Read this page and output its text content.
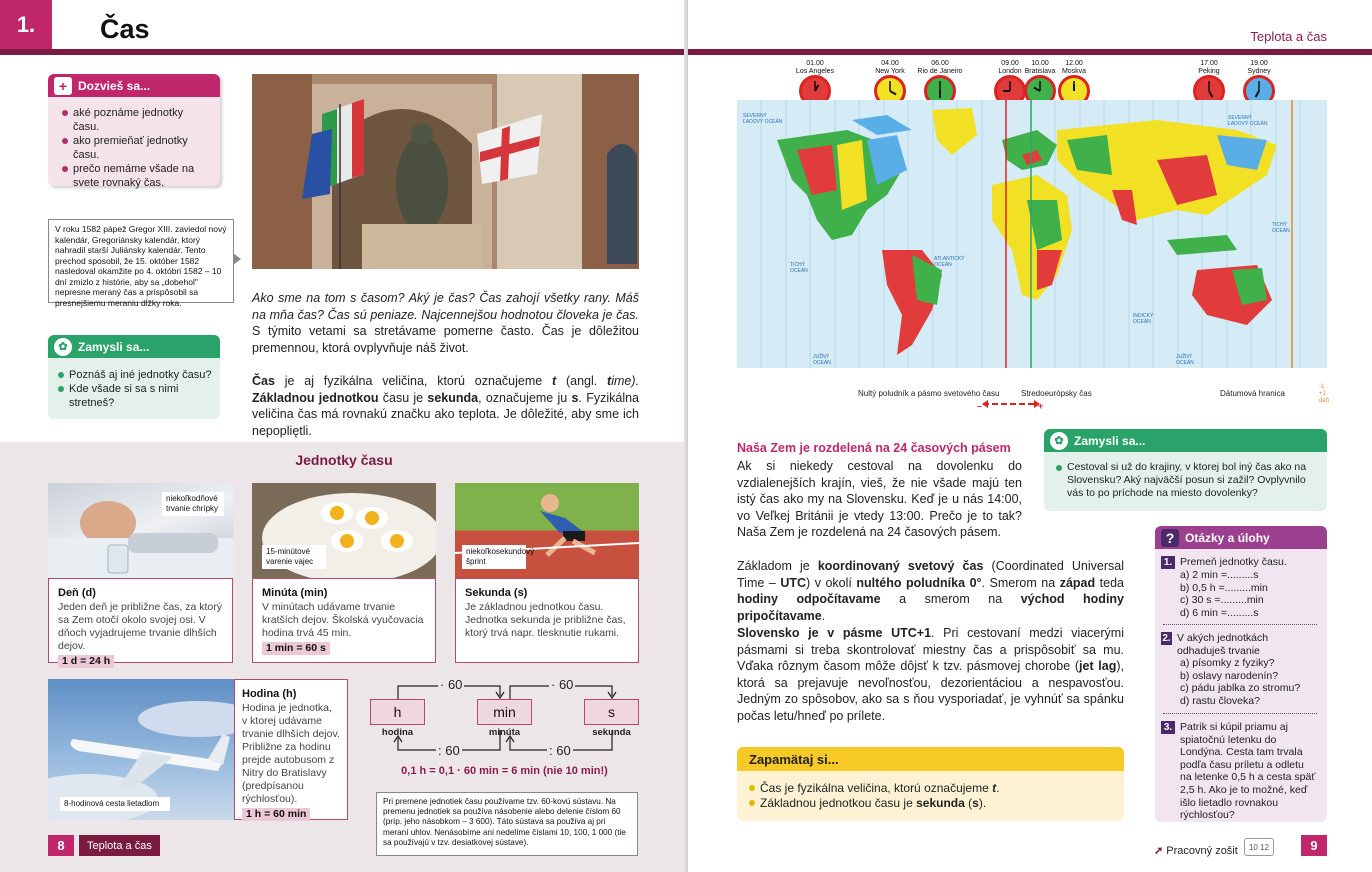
1.	Čas
+ Dozvieš sa...
aké poznáme jednotky času.
ako premieňať jednotky času.
prečo nemáme všade na svete rovnaký čas.
V roku 1582 pápež Gregor XIII. zaviedol nový kalendár, Gregoriánsky kalendár, ktorý nahradil starší Juliánsky kalendár. Tento prechod sposobil, že 15. október 1582 nasledoval okamžite po 4. októbri 1582 – 10 dní zmizlo z histórie, aby sa „dobehol" nepresne meraný čas a prispôsobil sa presnejšiemu meraniu dĺžky roka.	Ako sme na tom s časom? Aký je čas? Čas zahojí všetky rany. Máš na mňa čas? Čas sú peniaze. Najcennejšou hodnotou človeka je čas. S týmito vetami sa stretávame pomerne často. Čas je dôležitou premennou, ktorá ovplyvňuje náš život.
Čas je aj fyzikálna veličina, ktorú označujeme t (angl. time). Základnou jednotkou času je sekunda, označujeme ju s. Fyzikálna veličina čas má rovnakú značku ako teplota. Je dôležité, aby sme ich nepopliętli.
✿ Zamysli sa...
Poznáš aj iné jednotky času?
Kde všade si sa s nimi stretneš?
Jednotky času
niekoľkodňové trvanie chrípky
Deň (d)
Jeden deň je približne čas, za ktorý sa Zem otočí okolo svojej osi. V dňoch vyjadrujeme trvanie dlhších dejov.
1 d = 24 h
15-minútové varenie vajec
Minúta (min)
V minútach udávame trvanie kratších dejov. Školská vyučovacia hodina trvá 45 min.
1 min = 60 s
niekoľkosekundový šprint
Sekunda (s)
Je základnou jednotkou času. Jednotka sekunda je približne čas, ktorý trvá napr. tlesknutie rukami.
8-hodinová cesta lietadlom
Hodina (h)
Hodina je jednotka, v ktorej udávame trvanie dlhších dejov. Približne za hodinu prejde autobusom z Nitry do Bratislavy (predpísanou rýchlosťou).
1 h = 60 min
· 60	· 60
: 60	: 60
h	min	s
hodina	minúta	sekunda
0,1 h = 0,1 · 60 min = 6 min (nie 10 min!)
Pri premene jednotiek času používame tzv. 60-kovú sústavu. Na premenu jednotiek sa používa násobenie alebo delenie číslom 60 (príp. jeho násobkom – 3 600). Táto sústava sa používa aj pri meraní uhlov. Nenásobíme ani nedelíme číslami 10, 100, 1 000 (tie sa používajú v tzv. desiatkovej sústave).
8	Teplota a čas
Teplota a čas
01.00
Los Angeles
04.00
New York
06.00
Rio de Janeiro
09.00
London
10.00
Bratislava
12.00
Moskva
17.00
Peking
19.00
Sydney
SEVERNÝ ĽADOVÝ OCEÁN
SEVERNÝ ĽADOVÝ OCEÁN
TICHÝ OCEÁN
ATLANTICKÝ OCEÁN
INDICKÝ OCEÁN
TICHÝ OCEÁN
JUŽNÝ OCEÁN
JUŽNÝ OCEÁN
Nultý poludník a pásmo svetového času	Stredoeurópsky čas	Dátumová hranica
-1
+1
deň
–	+
Naša Zem je rozdelená na 24 časových pásem
Ak si niekedy cestoval na dovolenku do vzdialenejších krajín, vieš, že nie všade majú ten istý čas ako my na Slovensku. Keď je u nás 14:00, vo Veľkej Británii je vtedy 13:00. Prečo je to tak? Naša Zem je rozdelená na 24 časových pásem.
Základom je koordinovaný svetový čas (Coordinated Universal Time – UTC) v okolí nultého poludníka 0°. Smerom na západ teda hodiny odpočítavame a smerom na východ hodiny pripočítavame.
Slovensko je v pásme UTC+1. Pri cestovaní medzi viacerými pásmami si treba skontrolovať miestny čas a prispôsobiť sa mu. Vďaka rôznym časom môže dôjsť k tzv. pásmovej chorobe (jet lag), ktorá sa prejavuje nevoľnosťou, dezorientáciou a nespavosťou. Jedným zo spôsobov, ako sa s ňou vysporiadať, je vyhnúť sa spánku počas letu/hneď po prílete.
✿ Zamysli sa...
Cestoval si už do krajiny, v ktorej bol iný čas ako na Slovensku? Aký najväčší posun si zažil? Ovplyvnilo vás to po príchode na miesto dovolenky?
Zapamätaj si...
Čas je fyzikálna veličina, ktorú označujeme t.
Základnou jednotkou času je sekunda (s).
? Otázky a úlohy
1. Premeň jednotky času.
a) 2 min =.........s
b) 0,5 h =.........min
c) 30 s =.........min
d) 6 min =.........s
2. V akých jednotkách odhaduješ trvanie
a) písomky z fyziky?
b) oslavy narodenín?
c) pádu jablka zo stromu?
d) rastu človeka?
3. Patrik si kúpil priamu aj spiatočnú letenku do Londýna. Cesta tam trvala podľa času príletu a odletu na letenke 0,5 h a cesta späť 2,5 h. Ako je to možné, keď išlo lietadlo rovnakou rýchlosťou?
➚ Pracovný zošit	10 12	9
